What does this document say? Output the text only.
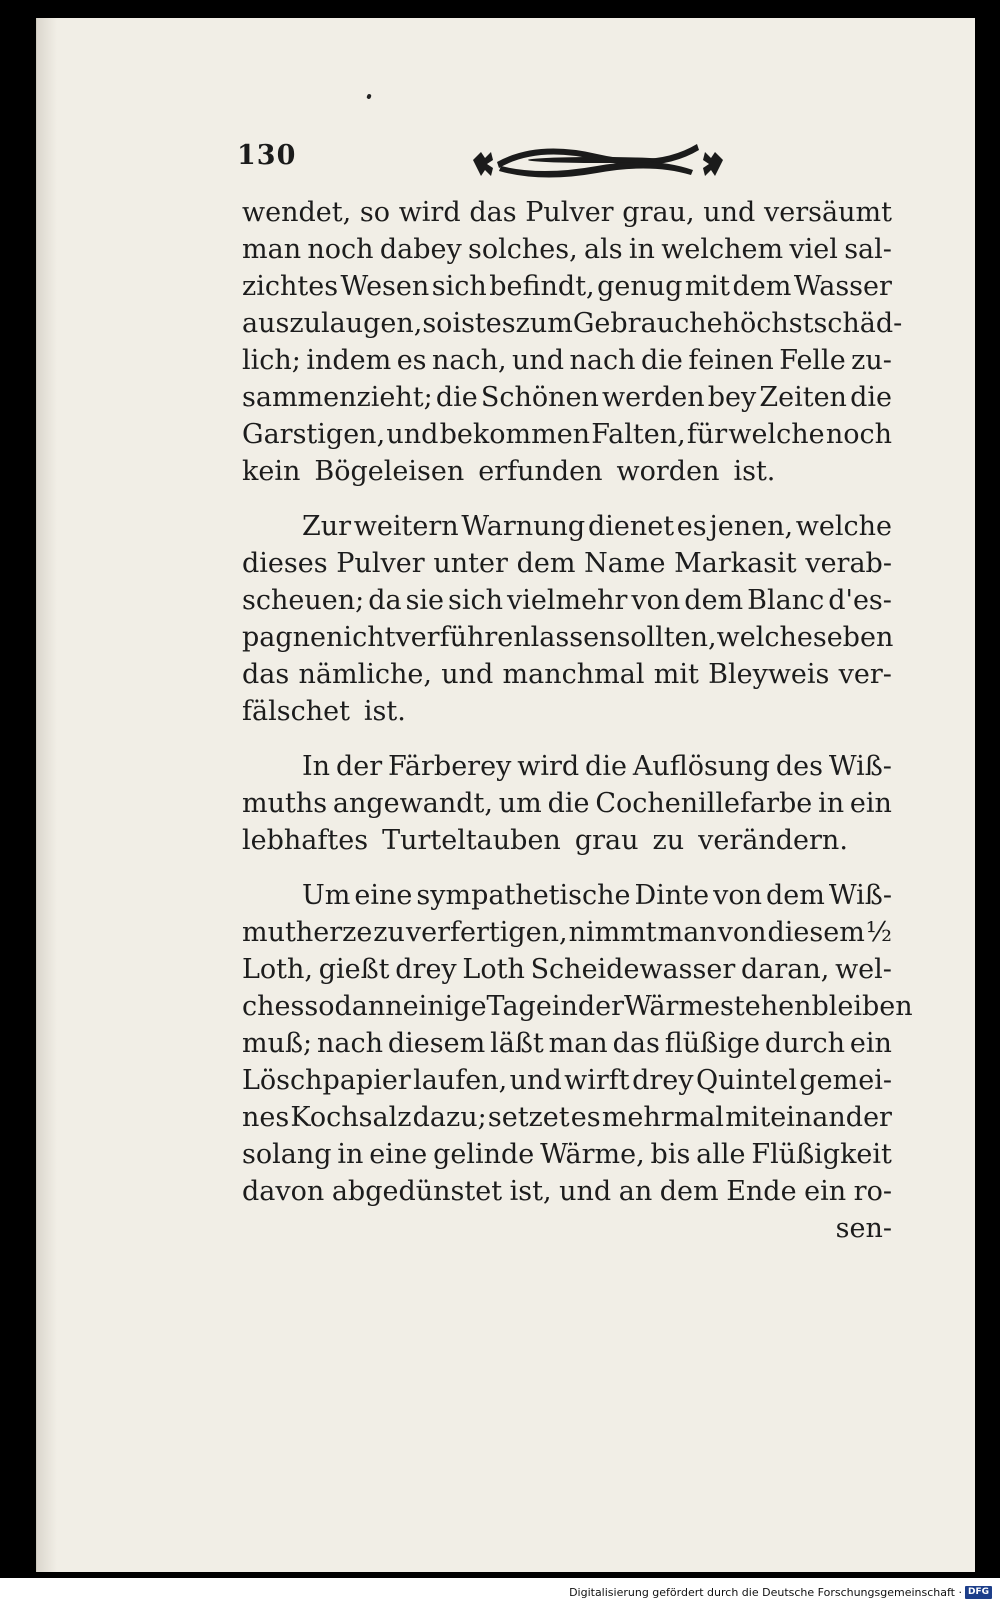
130
wendet, so wird das Pulver grau, und versäumt
man noch dabey solches, als in welchem viel sal-
zichtes Wesen sich befindt, genug mit dem Wasser
auszulaugen, so ist es zum Gebrauche höchst schäd-
lich; indem es nach, und nach die feinen Felle zu-
sammenzieht; die Schönen werden bey Zeiten die
Garstigen, und bekommen Falten, für welche noch
kein Bögeleisen erfunden worden ist.
Zur weitern Warnung dienet es jenen, welche
dieses Pulver unter dem Name Markasit verab-
scheuen; da sie sich vielmehr von dem Blanc d'es-
pagne nicht verführen lassen sollten, welches eben
das nämliche, und manchmal mit Bleyweis ver-
fälschet ist.
In der Färberey wird die Auflösung des Wiß-
muths angewandt, um die Cochenillefarbe in ein
lebhaftes Turteltauben grau zu verändern.
Um eine sympathetische Dinte von dem Wiß-
mutherze zu verfertigen, nimmt man von diesem ½
Loth, gießt drey Loth Scheidewasser daran, wel-
ches sodann einige Tage in der Wärme stehen bleiben
muß; nach diesem läßt man das flüßige durch ein
Löschpapier laufen, und wirft drey Quintel gemei-
nes Kochsalz dazu; setzet es mehrmal miteinander
solang in eine gelinde Wärme, bis alle Flüßigkeit
davon abgedünstet ist, und an dem Ende ein ro-
sen-
Digitalisierung gefördert durch die Deutsche Forschungsgemeinschaft · DFG
